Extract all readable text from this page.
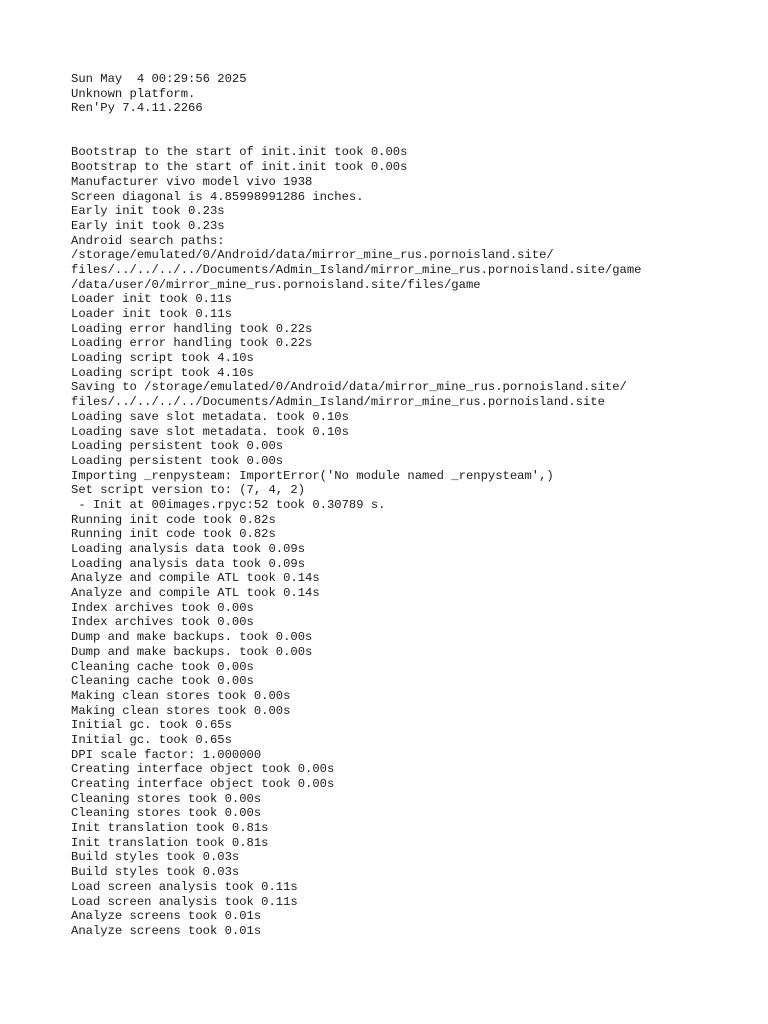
Sun May  4 00:29:56 2025
Unknown platform.
Ren'Py 7.4.11.2266
Bootstrap to the start of init.init took 0.00s
Bootstrap to the start of init.init took 0.00s
Manufacturer vivo model vivo 1938
Screen diagonal is 4.85998991286 inches.
Early init took 0.23s
Early init took 0.23s
Android search paths:
/storage/emulated/0/Android/data/mirror_mine_rus.pornoisland.site/
files/../../../../Documents/Admin_Island/mirror_mine_rus.pornoisland.site/game
/data/user/0/mirror_mine_rus.pornoisland.site/files/game
Loader init took 0.11s
Loader init took 0.11s
Loading error handling took 0.22s
Loading error handling took 0.22s
Loading script took 4.10s
Loading script took 4.10s
Saving to /storage/emulated/0/Android/data/mirror_mine_rus.pornoisland.site/
files/../../../../Documents/Admin_Island/mirror_mine_rus.pornoisland.site
Loading save slot metadata. took 0.10s
Loading save slot metadata. took 0.10s
Loading persistent took 0.00s
Loading persistent took 0.00s
Importing _renpysteam: ImportError('No module named _renpysteam',)
Set script version to: (7, 4, 2)
- Init at 00images.rpyc:52 took 0.30789 s.
Running init code took 0.82s
Running init code took 0.82s
Loading analysis data took 0.09s
Loading analysis data took 0.09s
Analyze and compile ATL took 0.14s
Analyze and compile ATL took 0.14s
Index archives took 0.00s
Index archives took 0.00s
Dump and make backups. took 0.00s
Dump and make backups. took 0.00s
Cleaning cache took 0.00s
Cleaning cache took 0.00s
Making clean stores took 0.00s
Making clean stores took 0.00s
Initial gc. took 0.65s
Initial gc. took 0.65s
DPI scale factor: 1.000000
Creating interface object took 0.00s
Creating interface object took 0.00s
Cleaning stores took 0.00s
Cleaning stores took 0.00s
Init translation took 0.81s
Init translation took 0.81s
Build styles took 0.03s
Build styles took 0.03s
Load screen analysis took 0.11s
Load screen analysis took 0.11s
Analyze screens took 0.01s
Analyze screens took 0.01s
